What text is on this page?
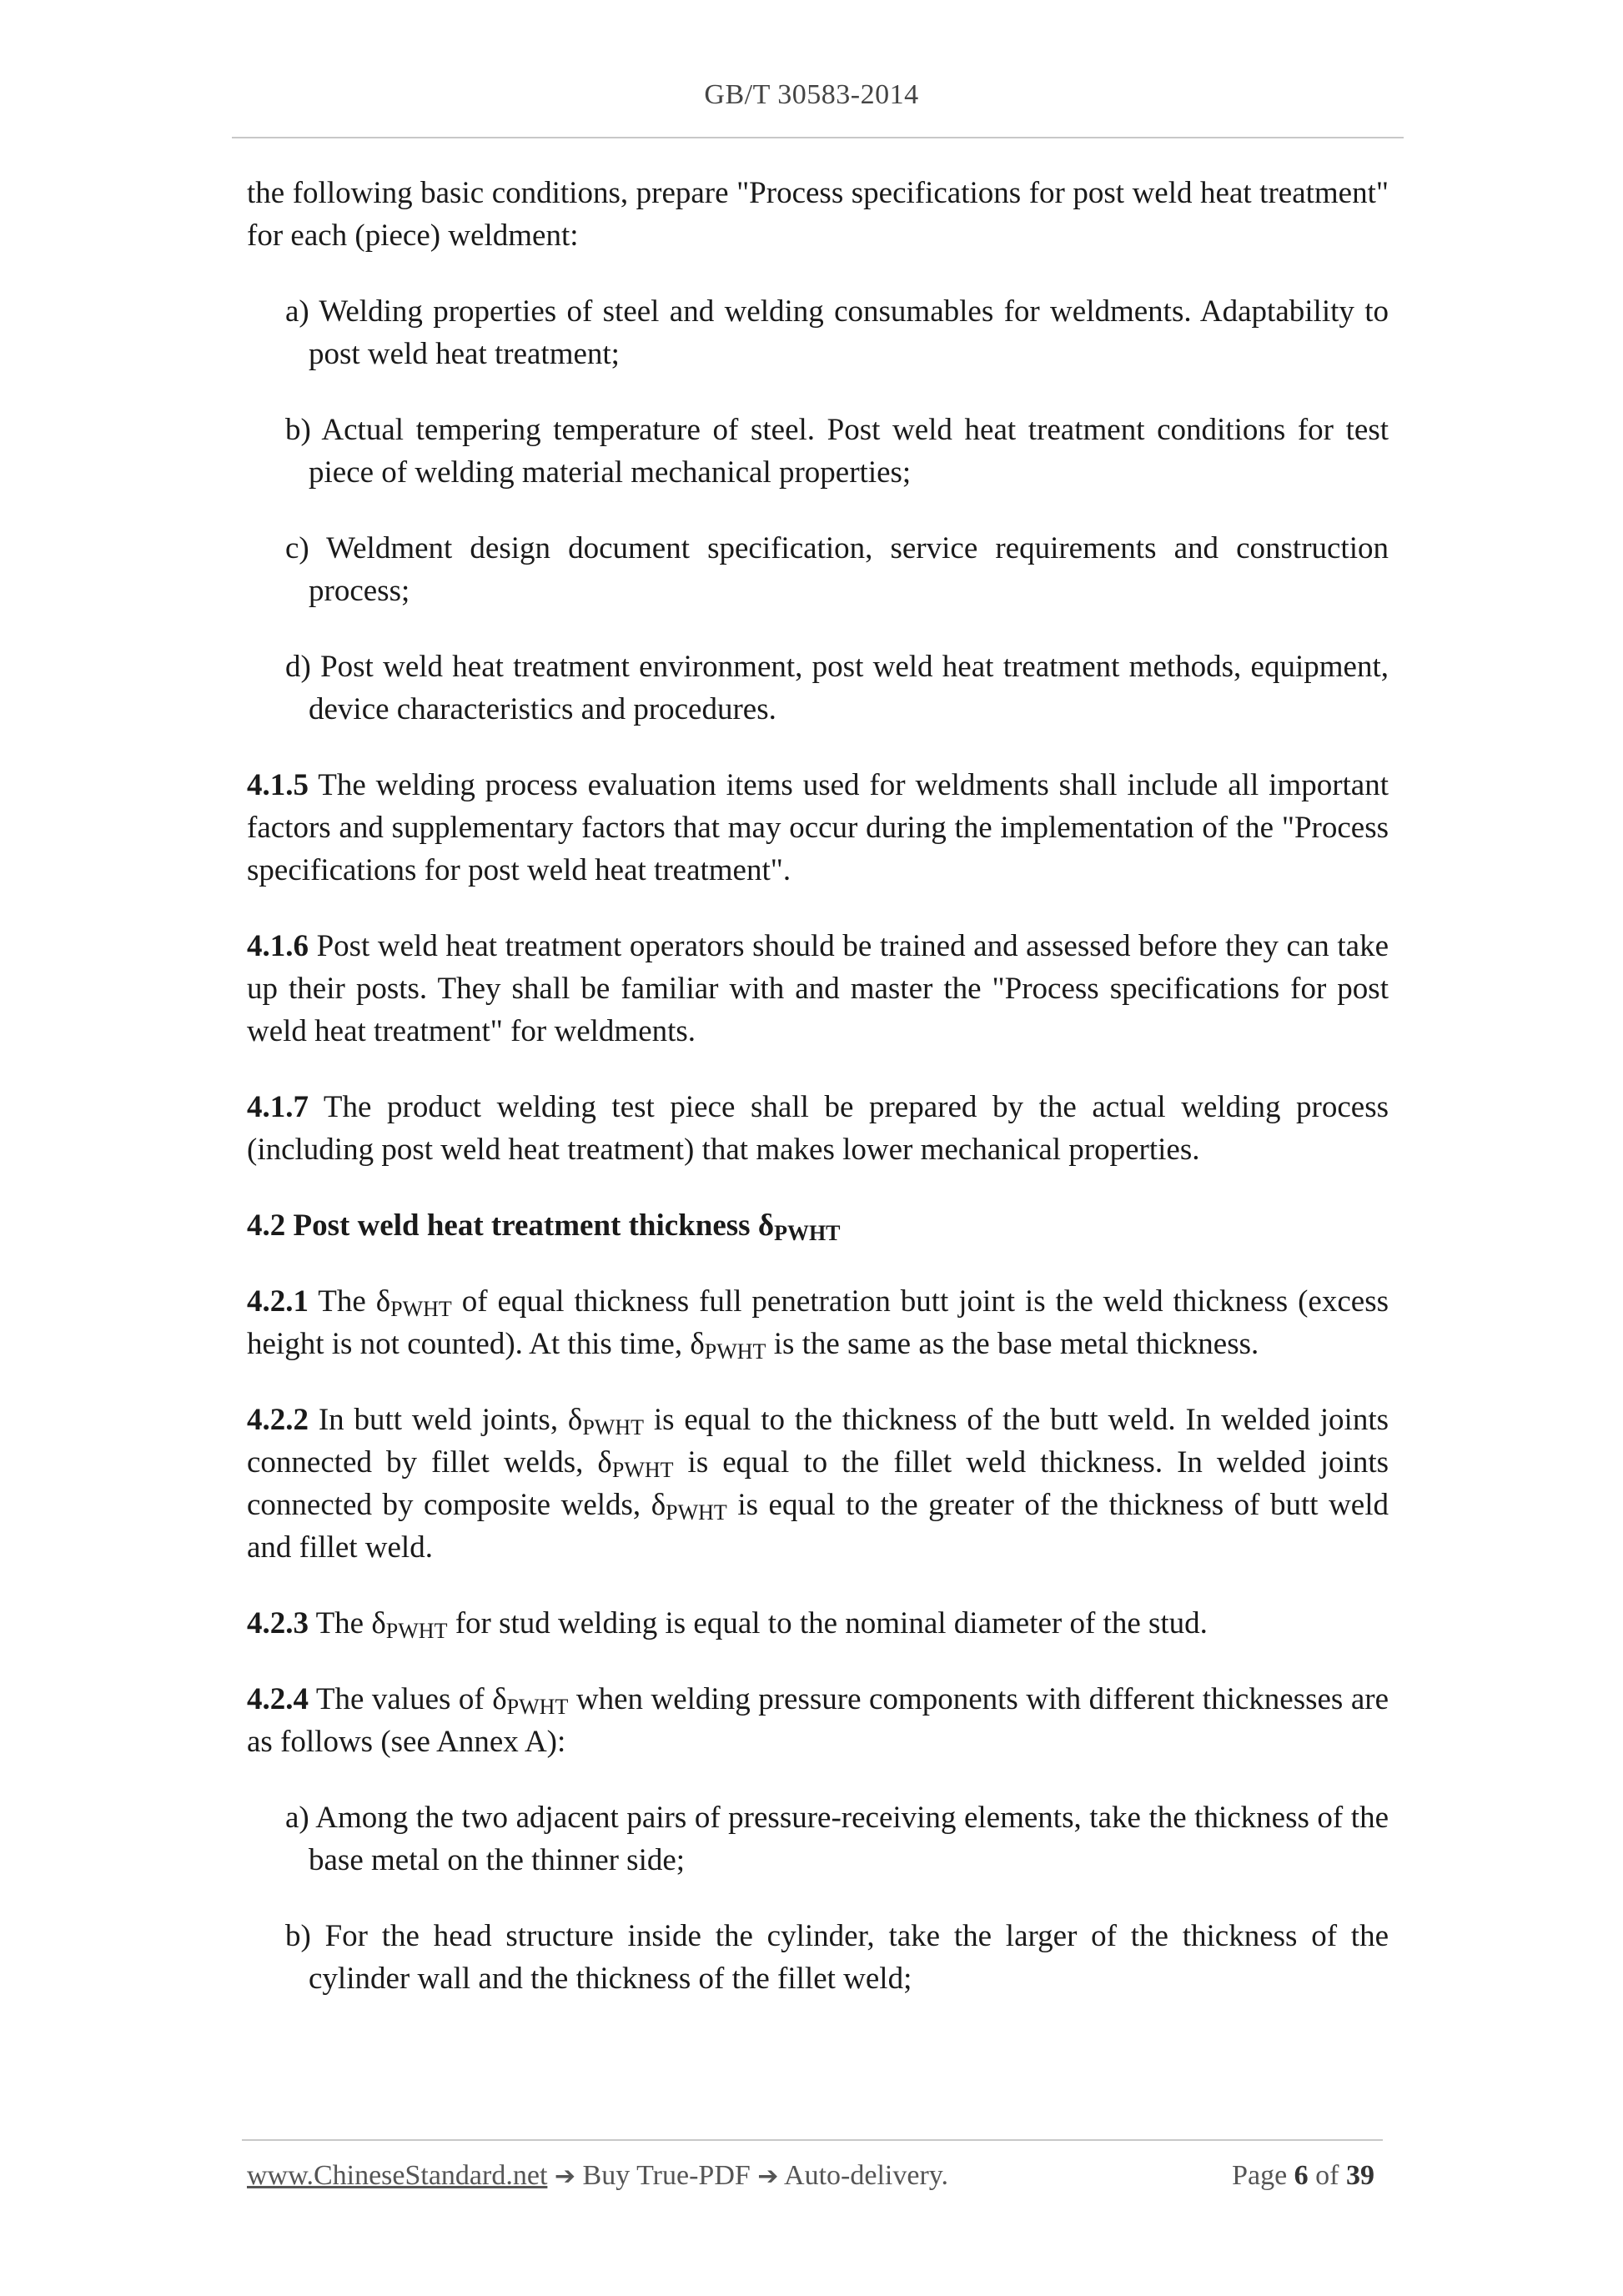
GB/T 30583-2014

the following basic conditions, prepare "Process specifications for post weld heat treatment" for each (piece) weldment:

a) Welding properties of steel and welding consumables for weldments. Adaptability to post weld heat treatment;

b) Actual tempering temperature of steel. Post weld heat treatment conditions for test piece of welding material mechanical properties;

c) Weldment design document specification, service requirements and construction process;

d) Post weld heat treatment environment, post weld heat treatment methods, equipment, device characteristics and procedures.

4.1.5 The welding process evaluation items used for weldments shall include all important factors and supplementary factors that may occur during the implementation of the "Process specifications for post weld heat treatment".

4.1.6 Post weld heat treatment operators should be trained and assessed before they can take up their posts. They shall be familiar with and master the "Process specifications for post weld heat treatment" for weldments.

4.1.7 The product welding test piece shall be prepared by the actual welding process (including post weld heat treatment) that makes lower mechanical properties.

4.2 Post weld heat treatment thickness $\delta_{PWHT}$

4.2.1 The $\delta_{PWHT}$ of equal thickness full penetration butt joint is the weld thickness (excess height is not counted). At this time, $\delta_{PWHT}$ is the same as the base metal thickness.

4.2.2 In butt weld joints, $\delta_{PWHT}$ is equal to the thickness of the butt weld. In welded joints connected by fillet welds, $\delta_{PWHT}$ is equal to the fillet weld thickness. In welded joints connected by composite welds, $\delta_{PWHT}$ is equal to the greater of the thickness of butt weld and fillet weld.

4.2.3 The $\delta_{PWHT}$ for stud welding is equal to the nominal diameter of the stud.

4.2.4 The values of $\delta_{PWHT}$ when welding pressure components with different thicknesses are as follows (see Annex A):

a) Among the two adjacent pairs of pressure-receiving elements, take the thickness of the base metal on the thinner side;

b) For the head structure inside the cylinder, take the larger of the thickness of the cylinder wall and the thickness of the fillet weld;

www.ChineseStandard.net ➔ Buy True-PDF ➔ Auto-delivery.	Page 6 of 39
